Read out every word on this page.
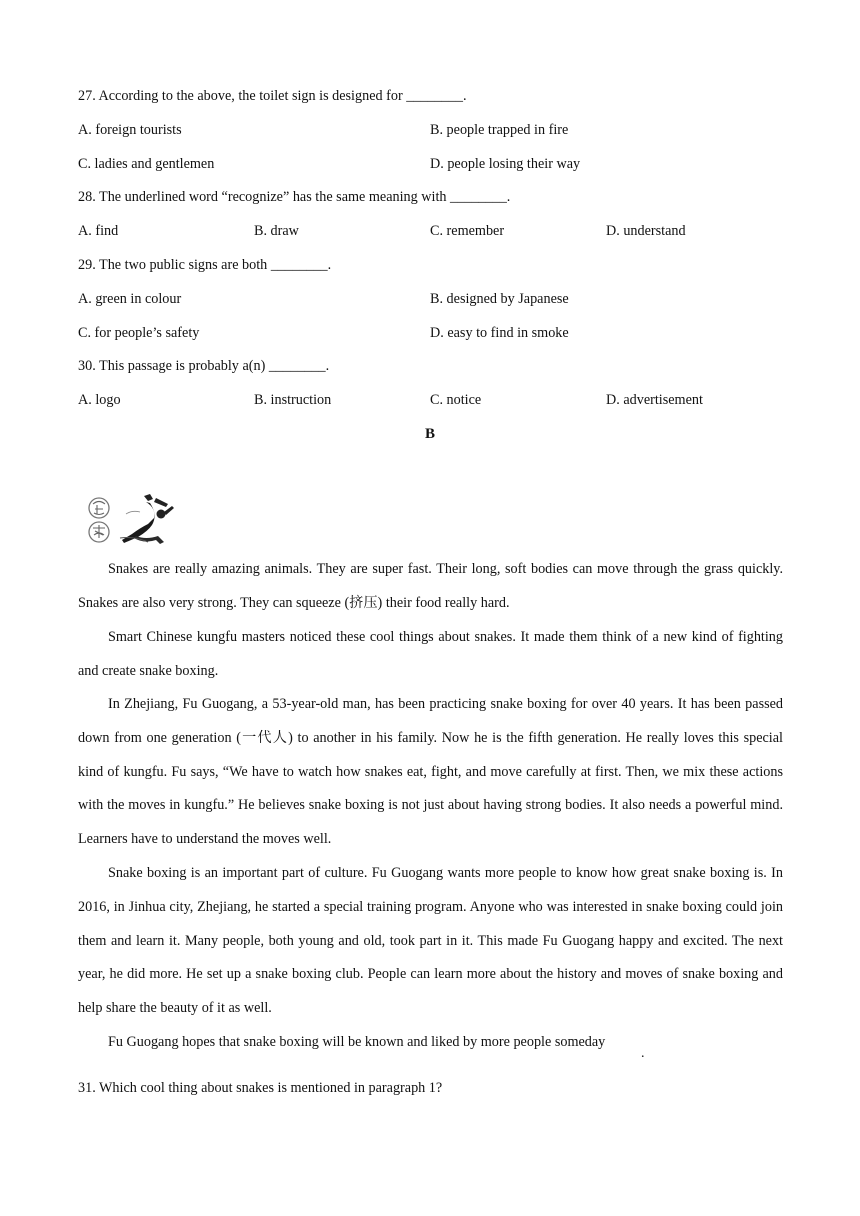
27. According to the above, the toilet sign is designed for ________.
A. foreign tourists	B. people trapped in fire
C. ladies and gentlemen	D. people losing their way
28. The underlined word “recognize” has the same meaning with ________.
A. find	B. draw	C. remember	D. understand
29. The two public signs are both ________.
A. green in colour	B. designed by Japanese
C. for people’s safety	D. easy to find in smoke
30. This passage is probably a(n) ________.
A. logo	B. instruction	C. notice	D. advertisement
B
Snakes are really amazing animals. They are super fast. Their long, soft bodies can move through the grass quickly. Snakes are also very strong. They can squeeze (挤压) their food really hard.
Smart Chinese kungfu masters noticed these cool things about snakes. It made them think of a new kind of fighting and create snake boxing.
In Zhejiang, Fu Guogang, a 53-year-old man, has been practicing snake boxing for over 40 years. It has been passed down from one generation (一代人) to another in his family. Now he is the fifth generation. He really loves this special kind of kungfu. Fu says, “We have to watch how snakes eat, fight, and move carefully at first. Then, we mix these actions with the moves in kungfu.” He believes snake boxing is not just about having strong bodies. It also needs a powerful mind. Learners have to understand the moves well.
Snake boxing is an important part of culture. Fu Guogang wants more people to know how great snake boxing is. In 2016, in Jinhua city, Zhejiang, he started a special training program. Anyone who was interested in snake boxing could join them and learn it. Many people, both young and old, took part in it. This made Fu Guogang happy and excited. The next year, he did more. He set up a snake boxing club. People can learn more about the history and moves of snake boxing and help share the beauty of it as well.
Fu Guogang hopes that snake boxing will be known and liked by more people someday
.
31. Which cool thing about snakes is mentioned in paragraph 1?
